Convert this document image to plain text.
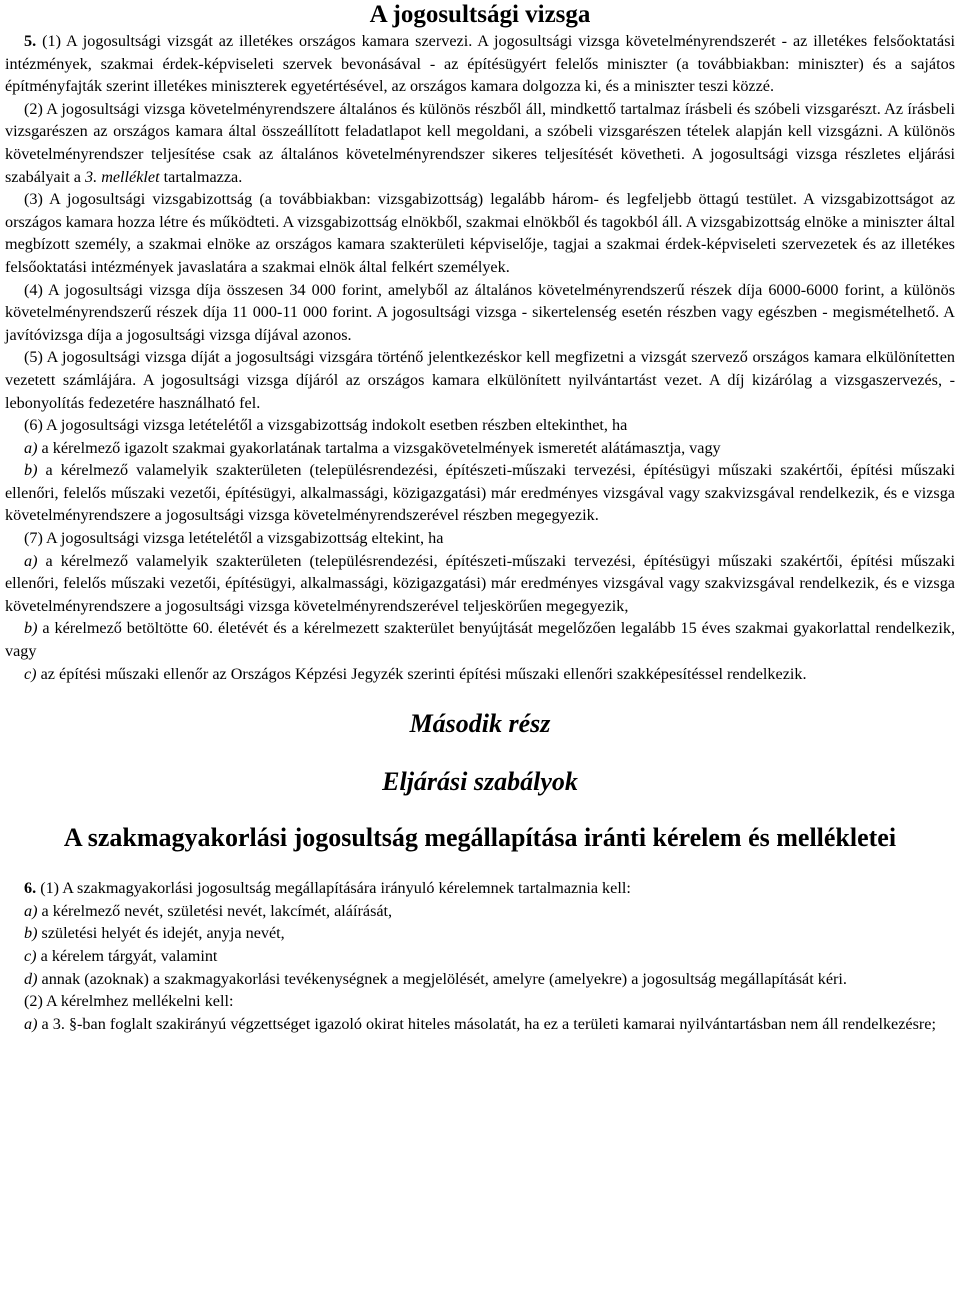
A jogosultsági vizsga

5. (1) A jogosultsági vizsgát az illetékes országos kamara szervezi. A jogosultsági vizsga követelményrendszerét - az illetékes felsőoktatási intézmények, szakmai érdek-képviseleti szervek bevonásával - az építésügyért felelős miniszter (a továbbiakban: miniszter) és a sajátos építményfajták szerint illetékes miniszterek egyetértésével, az országos kamara dolgozza ki, és a miniszter teszi közzé.

(2) A jogosultsági vizsga követelményrendszere általános és különös részből áll, mindkettő tartalmaz írásbeli és szóbeli vizsgarészt. Az írásbeli vizsgarészen az országos kamara által összeállított feladatlapot kell megoldani, a szóbeli vizsgarészen tételek alapján kell vizsgázni. A különös követelményrendszer teljesítése csak az általános követelményrendszer sikeres teljesítését követheti. A jogosultsági vizsga részletes eljárási szabályait a 3. melléklet tartalmazza.

(3) A jogosultsági vizsgabizottság (a továbbiakban: vizsgabizottság) legalább három- és legfeljebb öttagú testület. A vizsgabizottságot az országos kamara hozza létre és működteti. A vizsgabizottság elnökből, szakmai elnökből és tagokból áll. A vizsgabizottság elnöke a miniszter által megbízott személy, a szakmai elnöke az országos kamara szakterületi képviselője, tagjai a szakmai érdek-képviseleti szervezetek és az illetékes felsőoktatási intézmények javaslatára a szakmai elnök által felkért személyek.

(4) A jogosultsági vizsga díja összesen 34 000 forint, amelyből az általános követelményrendszerű részek díja 6000-6000 forint, a különös követelményrendszerű részek díja 11 000-11 000 forint. A jogosultsági vizsga - sikertelenség esetén részben vagy egészben - megismételhető. A javítóvizsga díja a jogosultsági vizsga díjával azonos.

(5) A jogosultsági vizsga díját a jogosultsági vizsgára történő jelentkezéskor kell megfizetni a vizsgát szervező országos kamara elkülönítetten vezetett számlájára. A jogosultsági vizsga díjáról az országos kamara elkülönített nyilvántartást vezet. A díj kizárólag a vizsgaszervezés, -lebonyolítás fedezetére használható fel.

(6) A jogosultsági vizsga letételétől a vizsgabizottság indokolt esetben részben eltekinthet, ha

a) a kérelmező igazolt szakmai gyakorlatának tartalma a vizsgakövetelmények ismeretét alátámasztja, vagy

b) a kérelmező valamelyik szakterületen (településrendezési, építészeti-műszaki tervezési, építésügyi műszaki szakértői, építési műszaki ellenőri, felelős műszaki vezetői, építésügyi, alkalmassági, közigazgatási) már eredményes vizsgával vagy szakvizsgával rendelkezik, és e vizsga követelményrendszere a jogosultsági vizsga követelményrendszerével részben megegyezik.

(7) A jogosultsági vizsga letételétől a vizsgabizottság eltekint, ha

a) a kérelmező valamelyik szakterületen (településrendezési, építészeti-műszaki tervezési, építésügyi műszaki szakértői, építési műszaki ellenőri, felelős műszaki vezetői, építésügyi, alkalmassági, közigazgatási) már eredményes vizsgával vagy szakvizsgával rendelkezik, és e vizsga követelményrendszere a jogosultsági vizsga követelményrendszerével teljeskörűen megegyezik,

b) a kérelmező betöltötte 60. életévét és a kérelmezett szakterület benyújtását megelőzően legalább 15 éves szakmai gyakorlattal rendelkezik, vagy

c) az építési műszaki ellenőr az Országos Képzési Jegyzék szerinti építési műszaki ellenőri szakképesítéssel rendelkezik.

Második rész
Eljárási szabályok
A szakmagyakorlási jogosultság megállapítása iránti kérelem és mellékletei

6. (1) A szakmagyakorlási jogosultság megállapítására irányuló kérelemnek tartalmaznia kell:

a) a kérelmező nevét, születési nevét, lakcímét, aláírását,

b) születési helyét és idejét, anyja nevét,

c) a kérelem tárgyát, valamint

d) annak (azoknak) a szakmagyakorlási tevékenységnek a megjelölését, amelyre (amelyekre) a jogosultság megállapítását kéri.

(2) A kérelmhez mellékelni kell:

a) a 3. §-ban foglalt szakirányú végzettséget igazoló okirat hiteles másolatát, ha ez a területi kamarai nyilvántartásban nem áll rendelkezésre;
